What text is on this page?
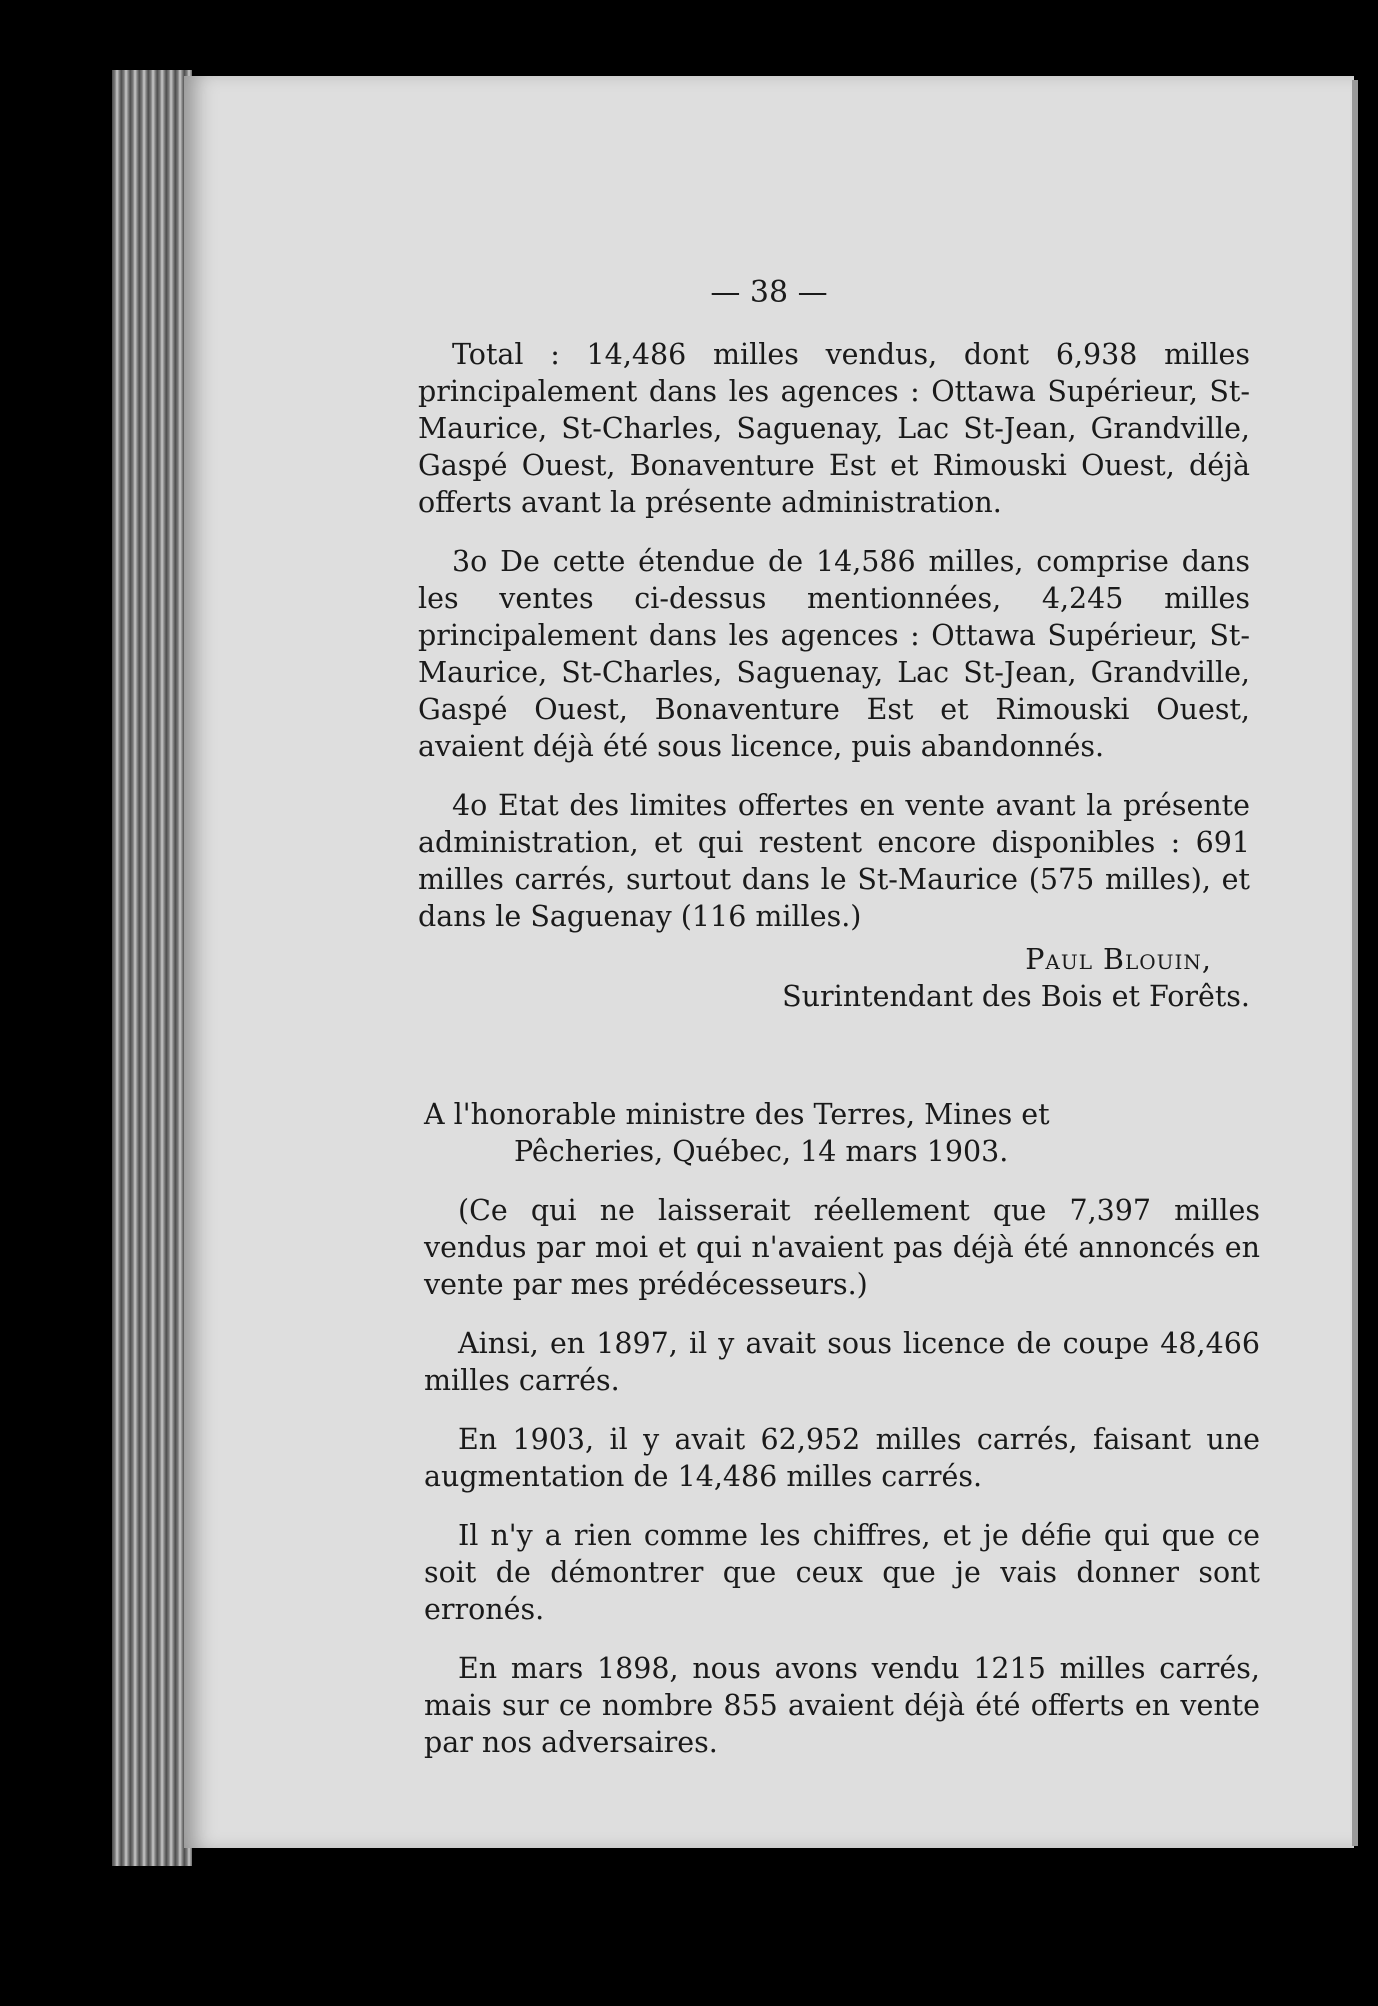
— 38 —

Total : 14,486 milles vendus, dont 6,938 milles principalement dans les agences : Ottawa Supérieur, St-Maurice, St-Charles, Saguenay, Lac St-Jean, Grandville, Gaspé Ouest, Bonaventure Est et Rimouski Ouest, déjà offerts avant la présente administration.

3o De cette étendue de 14,586 milles, comprise dans les ventes ci-dessus mentionnées, 4,245 milles principalement dans les agences : Ottawa Supérieur, St-Maurice, St-Charles, Saguenay, Lac St-Jean, Grandville, Gaspé Ouest, Bonaventure Est et Rimouski Ouest, avaient déjà été sous licence, puis abandonnés.

4o Etat des limites offertes en vente avant la présente administration, et qui restent encore disponibles : 691 milles carrés, surtout dans le St-Maurice (575 milles), et dans le Saguenay (116 milles.)

Paul Blouin,

Surintendant des Bois et Forêts.

A l'honorable ministre des Terres, Mines et

Pêcheries, Québec, 14 mars 1903.

(Ce qui ne laisserait réellement que 7,397 milles vendus par moi et qui n'avaient pas déjà été annoncés en vente par mes prédécesseurs.)

Ainsi, en 1897, il y avait sous licence de coupe 48,466 milles carrés.

En 1903, il y avait 62,952 milles carrés, faisant une augmentation de 14,486 milles carrés.

Il n'y a rien comme les chiffres, et je défie qui que ce soit de démontrer que ceux que je vais donner sont erronés.

En mars 1898, nous avons vendu 1215 milles carrés, mais sur ce nombre 855 avaient déjà été offerts en vente par nos adversaires.
